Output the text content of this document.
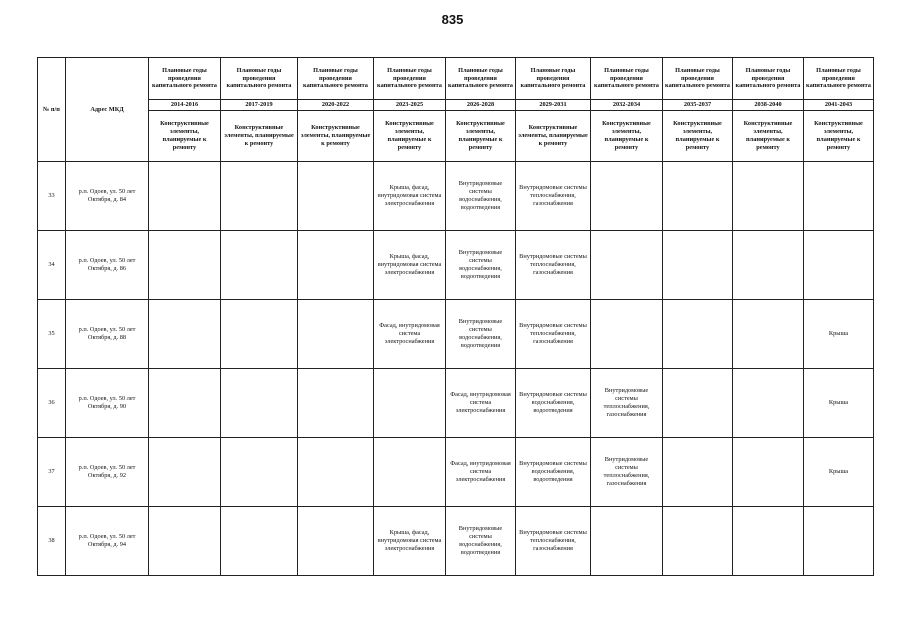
835
№ п/п	Адрес МКД	Плановые годы проведения капитального ремонта	Плановые годы проведения капитального ремонта	Плановые годы проведения капитального ремонта	Плановые годы проведения капитального ремонта	Плановые годы проведения капитального ремонта	Плановые годы проведения капитального ремонта	Плановые годы проведения капитального ремонта	Плановые годы проведения капитального ремонта	Плановые годы проведения капитального ремонта	Плановые годы проведения капитального ремонта
		2014-2016	2017-2019	2020-2022	2023-2025	2026-2028	2029-2031	2032-2034	2035-2037	2038-2040	2041-2043
		Конструктивные элементы, планируемые к ремонту	Конструктивные элементы, планируемые к ремонту	Конструктивные элементы, планируемые к ремонту	Конструктивные элементы, планируемые к ремонту	Конструктивные элементы, планируемые к ремонту	Конструктивные элементы, планируемые к ремонту	Конструктивные элементы, планируемые к ремонту	Конструктивные элементы, планируемые к ремонту	Конструктивные элементы, планируемые к ремонту	Конструктивные элементы, планируемые к ремонту
33	р.п. Одоев, ул. 50 лет Октября, д. 84				Крыша, фасад, внутридомовая система электроснабжения	Внутридомовые системы водоснабжения, водоотведения	Внутридомовые системы теплоснабжения, газоснабжения				
34	р.п. Одоев, ул. 50 лет Октября, д. 86				Крыша, фасад, внутридомовая система электроснабжения	Внутридомовые системы водоснабжения, водоотведения	Внутридомовые системы теплоснабжения, газоснабжения				
35	р.п. Одоев, ул. 50 лет Октября, д. 88				Фасад, внутридомовая система электроснабжения	Внутридомовые системы водоснабжения, водоотведения	Внутридомовые системы теплоснабжения, газоснабжения				Крыша
36	р.п. Одоев, ул. 50 лет Октября, д. 90					Фасад, внутридомовая система электроснабжения	Внутридомовые системы водоснабжения, водоотведения	Внутридомовые системы теплоснабжения, газоснабжения			Крыша
37	р.п. Одоев, ул. 50 лет Октября, д. 92					Фасад, внутридомовая система электроснабжения	Внутридомовые системы водоснабжения, водоотведения	Внутридомовые системы теплоснабжения, газоснабжения			Крыша
38	р.п. Одоев, ул. 50 лет Октября, д. 94				Крыша, фасад, внутридомовая система электроснабжения	Внутридомовые системы водоснабжения, водоотведения	Внутридомовые системы теплоснабжения, газоснабжения				
